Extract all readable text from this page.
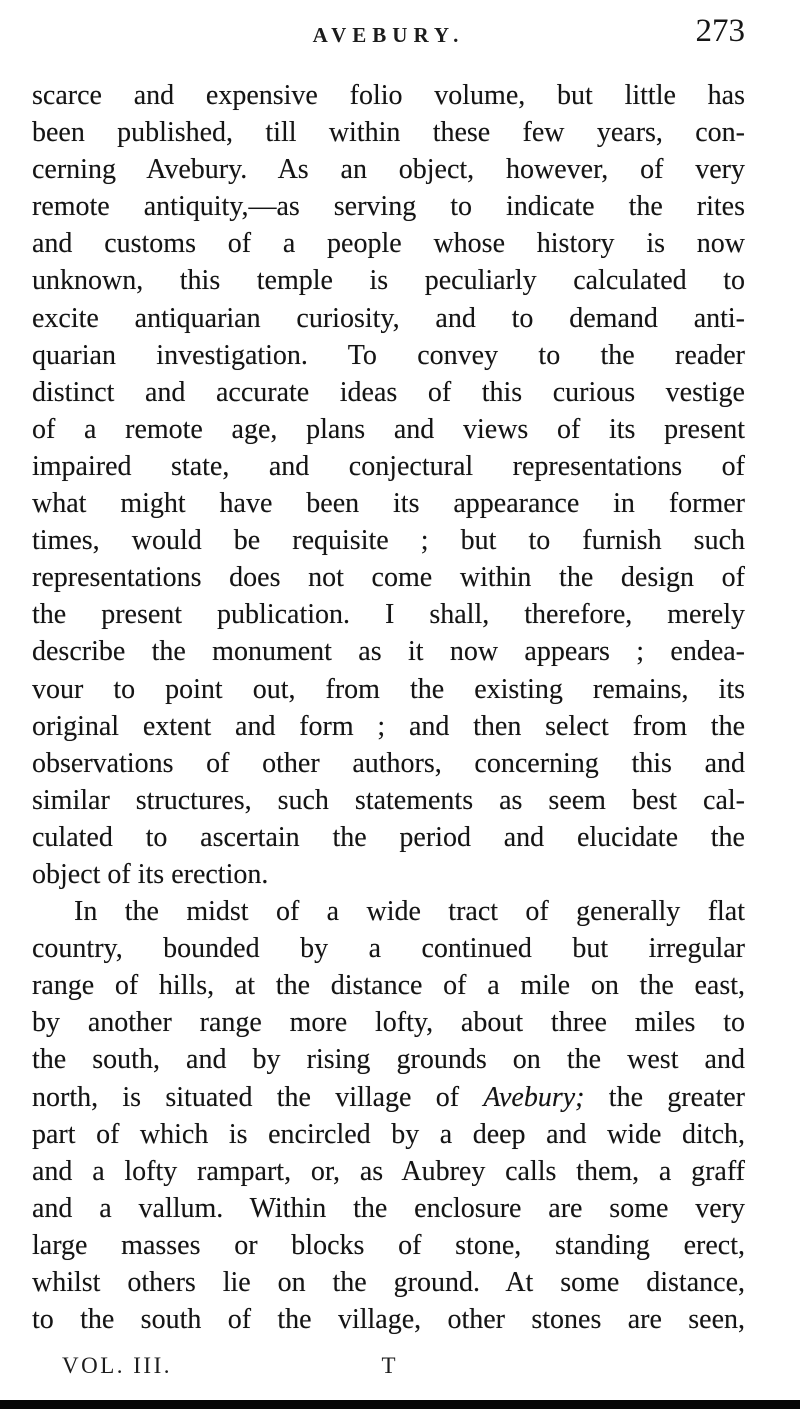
AVEBURY.	273
scarce and expensive folio volume, but little has
been published, till within these few years, con-
cerning Avebury. As an object, however, of very
remote antiquity,—as serving to indicate the rites
and customs of a people whose history is now
unknown, this temple is peculiarly calculated to
excite antiquarian curiosity, and to demand anti-
quarian investigation. To convey to the reader
distinct and accurate ideas of this curious vestige
of a remote age, plans and views of its present
impaired state, and conjectural representations of
what might have been its appearance in former
times, would be requisite ; but to furnish such
representations does not come within the design of
the present publication. I shall, therefore, merely
describe the monument as it now appears ; endea-
vour to point out, from the existing remains, its
original extent and form ; and then select from the
observations of other authors, concerning this and
similar structures, such statements as seem best cal-
culated to ascertain the period and elucidate the
object of its erection.
In the midst of a wide tract of generally flat
country, bounded by a continued but irregular
range of hills, at the distance of a mile on the east,
by another range more lofty, about three miles to
the south, and by rising grounds on the west and
north, is situated the village of Avebury; the greater
part of which is encircled by a deep and wide ditch,
and a lofty rampart, or, as Aubrey calls them, a graff
and a vallum. Within the enclosure are some very
large masses or blocks of stone, standing erect,
whilst others lie on the ground. At some distance,
to the south of the village, other stones are seen,
VOL. III.	T
